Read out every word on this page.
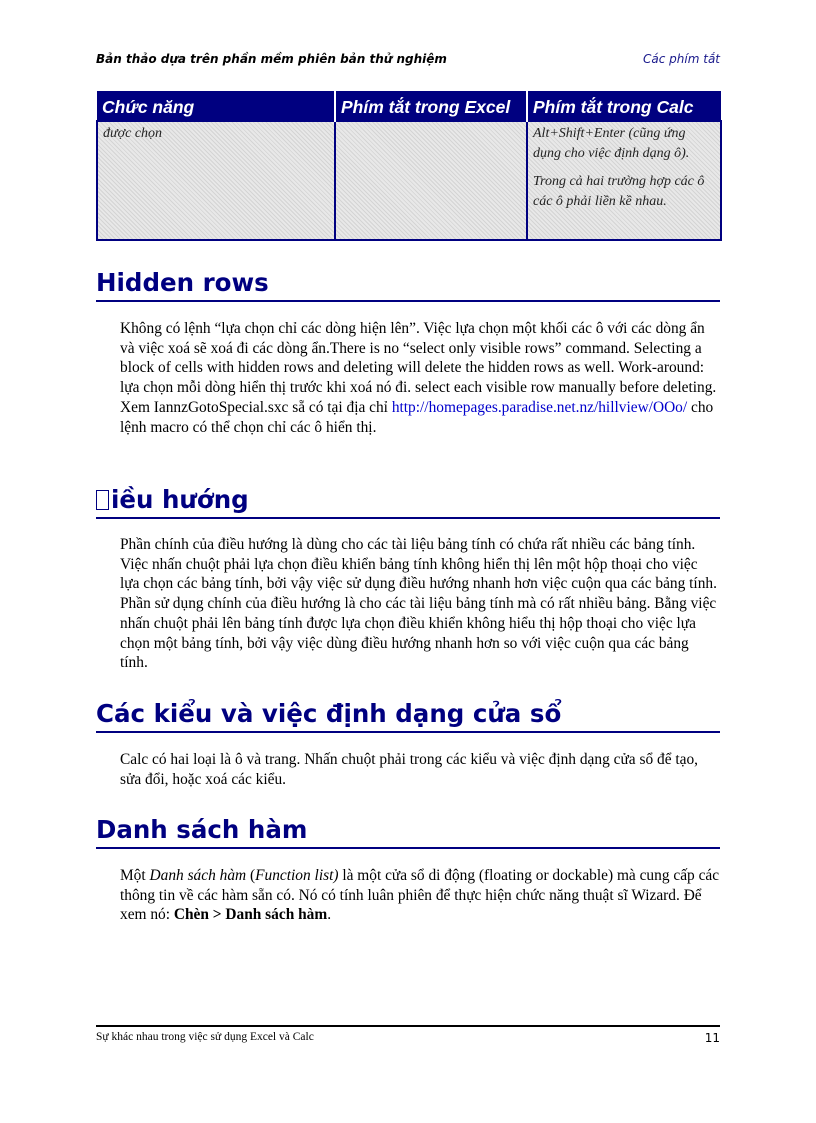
Bản thảo dựa trên phần mềm phiên bản thử nghiệm	Các phím tắt
Chức năng	Phím tắt trong Excel	Phím tắt trong Calc
được chọn		Alt+Shift+Enter (cũng ứng dụng cho việc định dạng ô).

Trong cả hai trường hợp các ô các ô phải liền kề nhau.

Hidden rows
Không có lệnh “lựa chọn chỉ các dòng hiện lên”. Việc lựa chọn một khối các ô với các dòng ẩn và việc xoá sẽ xoá đi các dòng ẩn.There is no “select only visible rows” command. Selecting a block of cells with hidden rows and deleting will delete the hidden rows as well. Work-around: lựa chọn mỗi dòng hiển thị trước khi xoá nó đi. select each visible row manually before deleting. Xem IannzGotoSpecial.sxc sẵ có tại địa chỉ http://homepages.paradise.net.nz/hillview/OOo/ cho lệnh macro có thể chọn chỉ các ô hiển thị.
iều hướng
Phần chính của điều hướng là dùng cho các tài liệu bảng tính có chứa rất nhiều các bảng tính. Việc nhấn chuột phải lựa chọn điều khiển bảng tính không hiển thị lên một hộp thoại cho việc lựa chọn các bảng tính, bởi vậy việc sử dụng điều hướng nhanh hơn việc cuộn qua các bảng tính. Phần sử dụng chính của điều hướng là cho các tài liệu bảng tính mà có rất nhiều bảng. Bằng việc nhấn chuột phải lên bảng tính được lựa chọn điều khiển không hiểu thị hộp thoại cho việc lựa chọn một bảng tính, bởi vậy việc dùng điều hướng nhanh hơn so với việc cuộn qua các bảng tính.
Các kiểu và việc định dạng cửa sổ
Calc có hai loại là ô và trang. Nhấn chuột phải trong các kiểu và việc định dạng cửa sổ để tạo, sửa đổi, hoặc xoá các kiểu.
Danh sách hàm
Một Danh sách hàm (Function list) là một cửa sổ di động (floating or dockable) mà cung cấp các thông tin về các hàm sẵn có. Nó có tính luân phiên để thực hiện chức năng thuật sĩ Wizard. Để xem nó: Chèn > Danh sách hàm.
Sự khác nhau trong việc sử dụng Excel và Calc	11
